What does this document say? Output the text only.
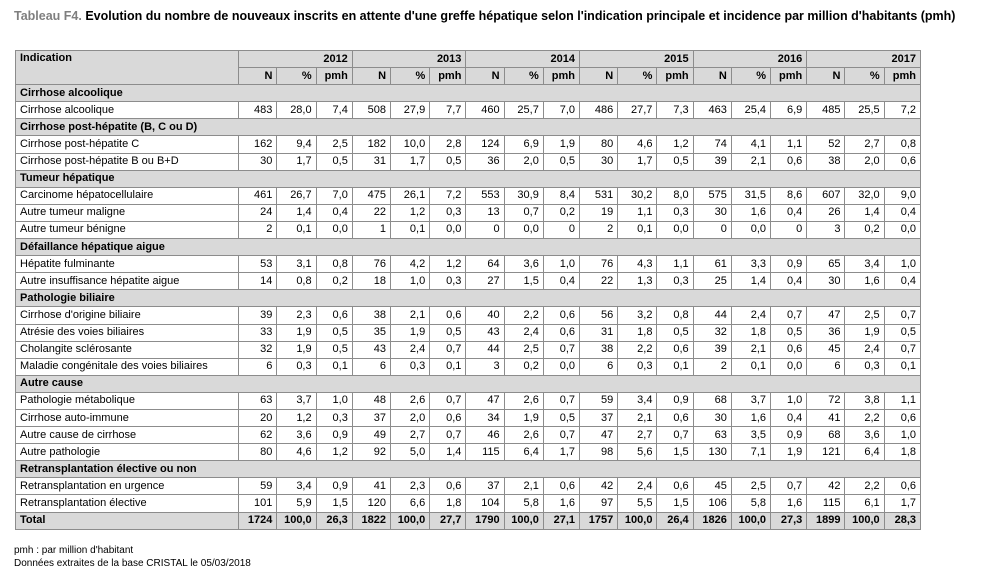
Tableau F4. Evolution du nombre de nouveaux inscrits en attente d'une greffe hépatique selon l'indication principale et incidence par million d'habitants (pmh)
Indication	2012			2013			2014			2015			2016			2017		
	N	%	pmh	N	%	pmh	N	%	pmh	N	%	pmh	N	%	pmh	N	%	pmh
Cirrhose alcoolique																		
Cirrhose alcoolique	483	28,0	7,4	508	27,9	7,7	460	25,7	7,0	486	27,7	7,3	463	25,4	6,9	485	25,5	7,2
Cirrhose post-hépatite (B, C ou D)																		
Cirrhose post-hépatite C	162	9,4	2,5	182	10,0	2,8	124	6,9	1,9	80	4,6	1,2	74	4,1	1,1	52	2,7	0,8
Cirrhose post-hépatite B ou B+D	30	1,7	0,5	31	1,7	0,5	36	2,0	0,5	30	1,7	0,5	39	2,1	0,6	38	2,0	0,6
Tumeur hépatique																		
Carcinome hépatocellulaire	461	26,7	7,0	475	26,1	7,2	553	30,9	8,4	531	30,2	8,0	575	31,5	8,6	607	32,0	9,0
Autre tumeur maligne	24	1,4	0,4	22	1,2	0,3	13	0,7	0,2	19	1,1	0,3	30	1,6	0,4	26	1,4	0,4
Autre tumeur bénigne	2	0,1	0,0	1	0,1	0,0	0	0,0	0	2	0,1	0,0	0	0,0	0	3	0,2	0,0
Défaillance hépatique aigue																		
Hépatite fulminante	53	3,1	0,8	76	4,2	1,2	64	3,6	1,0	76	4,3	1,1	61	3,3	0,9	65	3,4	1,0
Autre insuffisance hépatite aigue	14	0,8	0,2	18	1,0	0,3	27	1,5	0,4	22	1,3	0,3	25	1,4	0,4	30	1,6	0,4
Pathologie biliaire																		
Cirrhose d'origine biliaire	39	2,3	0,6	38	2,1	0,6	40	2,2	0,6	56	3,2	0,8	44	2,4	0,7	47	2,5	0,7
Atrésie des voies biliaires	33	1,9	0,5	35	1,9	0,5	43	2,4	0,6	31	1,8	0,5	32	1,8	0,5	36	1,9	0,5
Cholangite sclérosante	32	1,9	0,5	43	2,4	0,7	44	2,5	0,7	38	2,2	0,6	39	2,1	0,6	45	2,4	0,7
Maladie congénitale des voies biliaires	6	0,3	0,1	6	0,3	0,1	3	0,2	0,0	6	0,3	0,1	2	0,1	0,0	6	0,3	0,1
Autre cause																		
Pathologie métabolique	63	3,7	1,0	48	2,6	0,7	47	2,6	0,7	59	3,4	0,9	68	3,7	1,0	72	3,8	1,1
Cirrhose auto-immune	20	1,2	0,3	37	2,0	0,6	34	1,9	0,5	37	2,1	0,6	30	1,6	0,4	41	2,2	0,6
Autre cause de cirrhose	62	3,6	0,9	49	2,7	0,7	46	2,6	0,7	47	2,7	0,7	63	3,5	0,9	68	3,6	1,0
Autre pathologie	80	4,6	1,2	92	5,0	1,4	115	6,4	1,7	98	5,6	1,5	130	7,1	1,9	121	6,4	1,8
Retransplantation élective ou non																		
Retransplantation en urgence	59	3,4	0,9	41	2,3	0,6	37	2,1	0,6	42	2,4	0,6	45	2,5	0,7	42	2,2	0,6
Retransplantation élective	101	5,9	1,5	120	6,6	1,8	104	5,8	1,6	97	5,5	1,5	106	5,8	1,6	115	6,1	1,7
Total	1724	100,0	26,3	1822	100,0	27,7	1790	100,0	27,1	1757	100,0	26,4	1826	100,0	27,3	1899	100,0	28,3
pmh : par million d'habitant
Données extraites de la base CRISTAL le 05/03/2018
